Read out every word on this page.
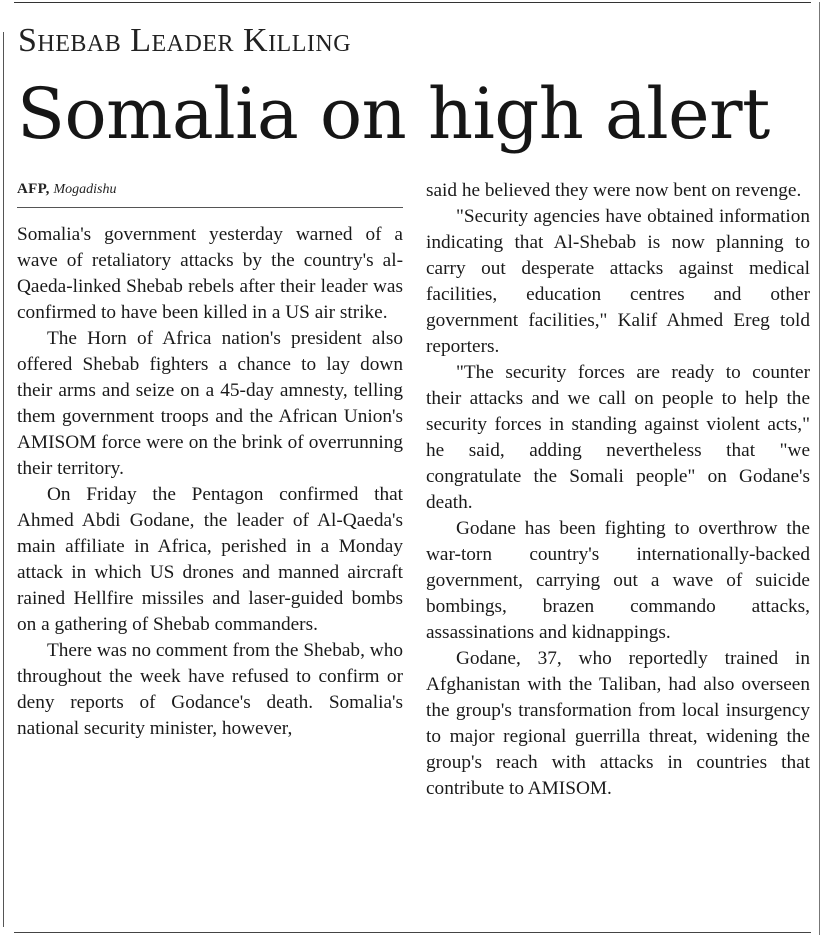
Shebab Leader Killing
Somalia on high alert
AFP, Mogadishu

Somalia's government yesterday warned of a wave of retaliatory attacks by the country's al-Qaeda-linked Shebab rebels after their leader was confirmed to have been killed in a US air strike.

The Horn of Africa nation's president also offered Shebab fighters a chance to lay down their arms and seize on a 45-day amnesty, telling them government troops and the African Union's AMISOM force were on the brink of overrunning their territory.

On Friday the Pentagon confirmed that Ahmed Abdi Godane, the leader of Al-Qaeda's main affiliate in Africa, perished in a Monday attack in which US drones and manned aircraft rained Hellfire missiles and laser-guided bombs on a gathering of Shebab commanders.

There was no comment from the Shebab, who throughout the week have refused to confirm or deny reports of Godance's death. Somalia's national security minister, however,

said he believed they were now bent on revenge.

"Security agencies have obtained information indicating that Al-Shebab is now planning to carry out desperate attacks against medical facilities, education centres and other government facilities," Kalif Ahmed Ereg told reporters.

"The security forces are ready to counter their attacks and we call on people to help the security forces in standing against violent acts," he said, adding nevertheless that "we congratulate the Somali people" on Godane's death.

Godane has been fighting to overthrow the war-torn country's internationally-backed government, carrying out a wave of suicide bombings, brazen commando attacks, assassinations and kidnappings.

Godane, 37, who reportedly trained in Afghanistan with the Taliban, had also overseen the group's transformation from local insurgency to major regional guerrilla threat, widening the group's reach with attacks in countries that contribute to AMISOM.
